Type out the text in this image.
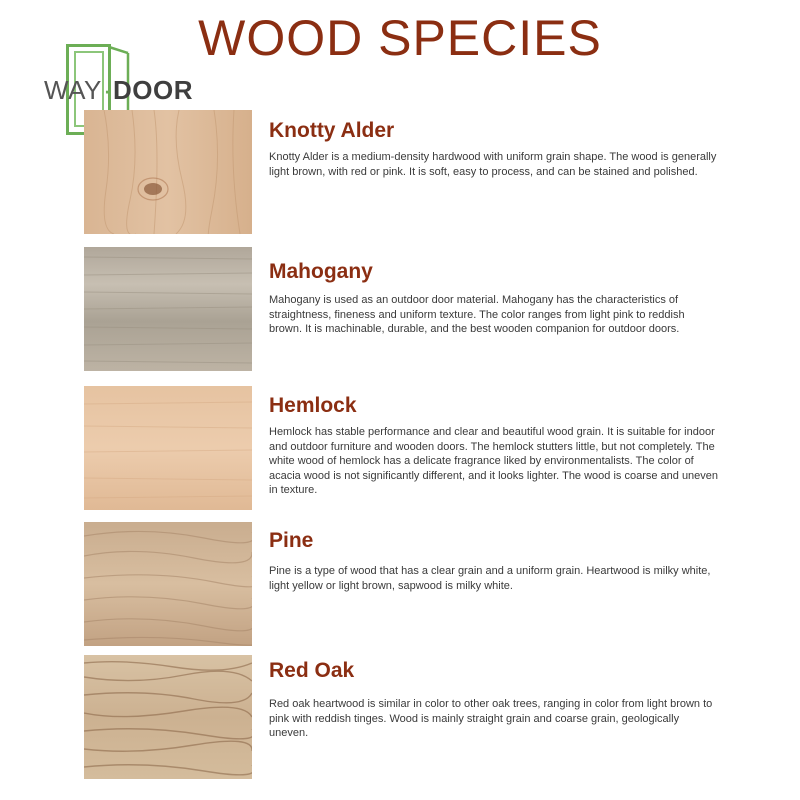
WOOD SPECIES
WAY·DOOR
Knotty Alder
Knotty Alder is a medium-density hardwood with uniform grain shape. The wood is generally light brown, with red or pink. It is soft, easy to process, and can be stained and polished.
Mahogany
Mahogany is used as an outdoor door material. Mahogany has the characteristics of straightness, fineness and uniform texture. The color ranges from light pink to reddish brown. It is machinable, durable, and the best wooden companion for outdoor doors.
Hemlock
Hemlock has stable performance and clear and beautiful wood grain. It is suitable for indoor and outdoor furniture and wooden doors. The hemlock stutters little, but not completely. The white wood of hemlock has a delicate fragrance liked by environmentalists. The color of acacia wood is not significantly different, and it looks lighter. The wood is coarse and uneven in texture.
Pine
Pine is a type of wood that has a clear grain and a uniform grain. Heartwood is milky white, light yellow or light brown, sapwood is milky white.
Red Oak
Red oak heartwood is similar in color to other oak trees, ranging in color from light brown to pink with reddish tinges. Wood is mainly straight grain and coarse grain, geologically uneven.
